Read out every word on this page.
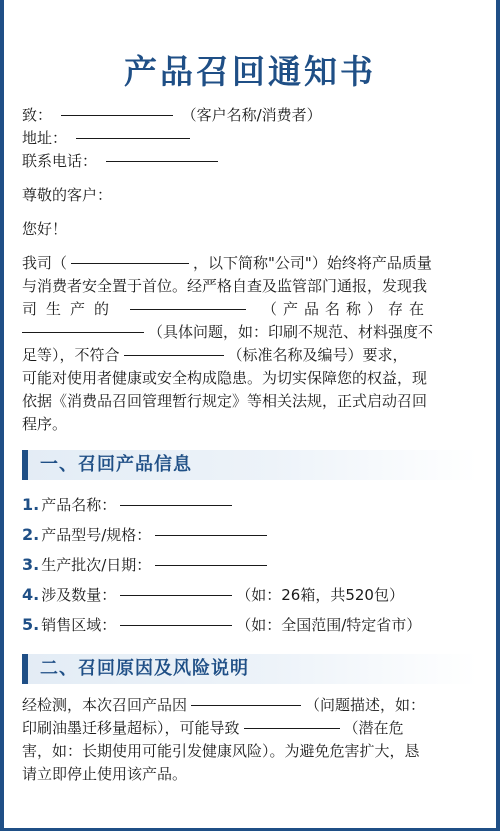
产品召回通知书
致：	（客户名称/消费者）
地址：
联系电话：
尊敬的客户：
您好！
我司（	，以下简称"公司"）始终将产品质量
与消费者安全置于首位。经严格自查及监管部门通报，发现我
司生产的	（产品名称）存在
（具体问题，如：印刷不规范、材料强度不
足等），不符合	（标准名称及编号）要求，
可能对使用者健康或安全构成隐患。为切实保障您的权益，现
依据《消费品召回管理暂行规定》等相关法规，正式启动召回
程序。
一、召回产品信息
1. 产品名称：
2. 产品型号/规格：
3. 生产批次/日期：
4. 涉及数量：	（如：26箱，共520包）
5. 销售区域：	（如：全国范围/特定省市）
二、召回原因及风险说明
经检测，本次召回产品因	（问题描述，如：
印刷油墨迁移量超标），可能导致	（潜在危
害，如：长期使用可能引发健康风险）。为避免危害扩大，恳
请立即停止使用该产品。
